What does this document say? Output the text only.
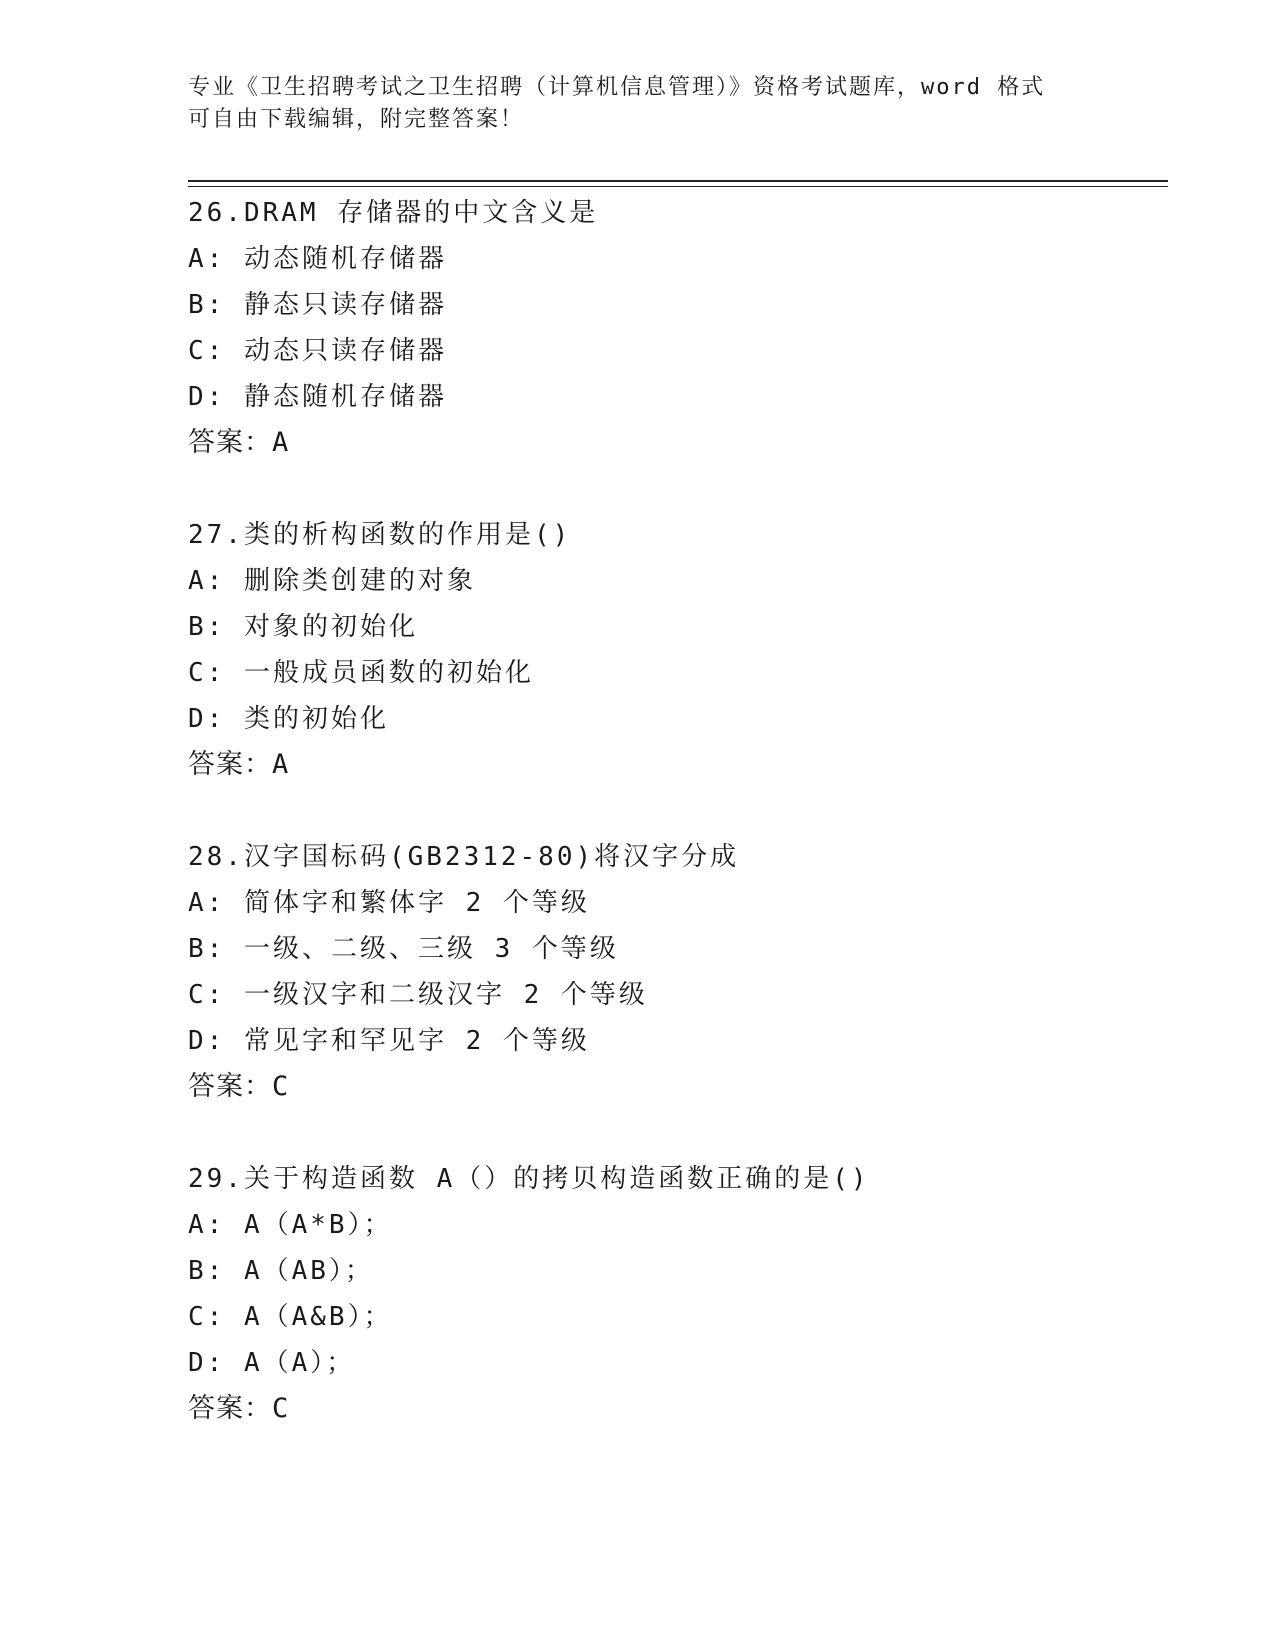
专业《卫生招聘考试之卫生招聘（计算机信息管理）》资格考试题库，word 格式
可自由下载编辑，附完整答案！
26.DRAM 存储器的中文含义是
A: 动态随机存储器
B: 静态只读存储器
C: 动态只读存储器
D: 静态随机存储器
答案：A
27.类的析构函数的作用是()
A: 删除类创建的对象
B: 对象的初始化
C: 一般成员函数的初始化
D: 类的初始化
答案：A
28.汉字国标码(GB2312-80)将汉字分成
A: 简体字和繁体字 2 个等级
B: 一级、二级、三级 3 个等级
C: 一级汉字和二级汉字 2 个等级
D: 常见字和罕见字 2 个等级
答案：C
29.关于构造函数 A（）的拷贝构造函数正确的是()
A: A（A*B）；
B: A（AB）；
C: A（A&B）；
D: A（A）；
答案：C
